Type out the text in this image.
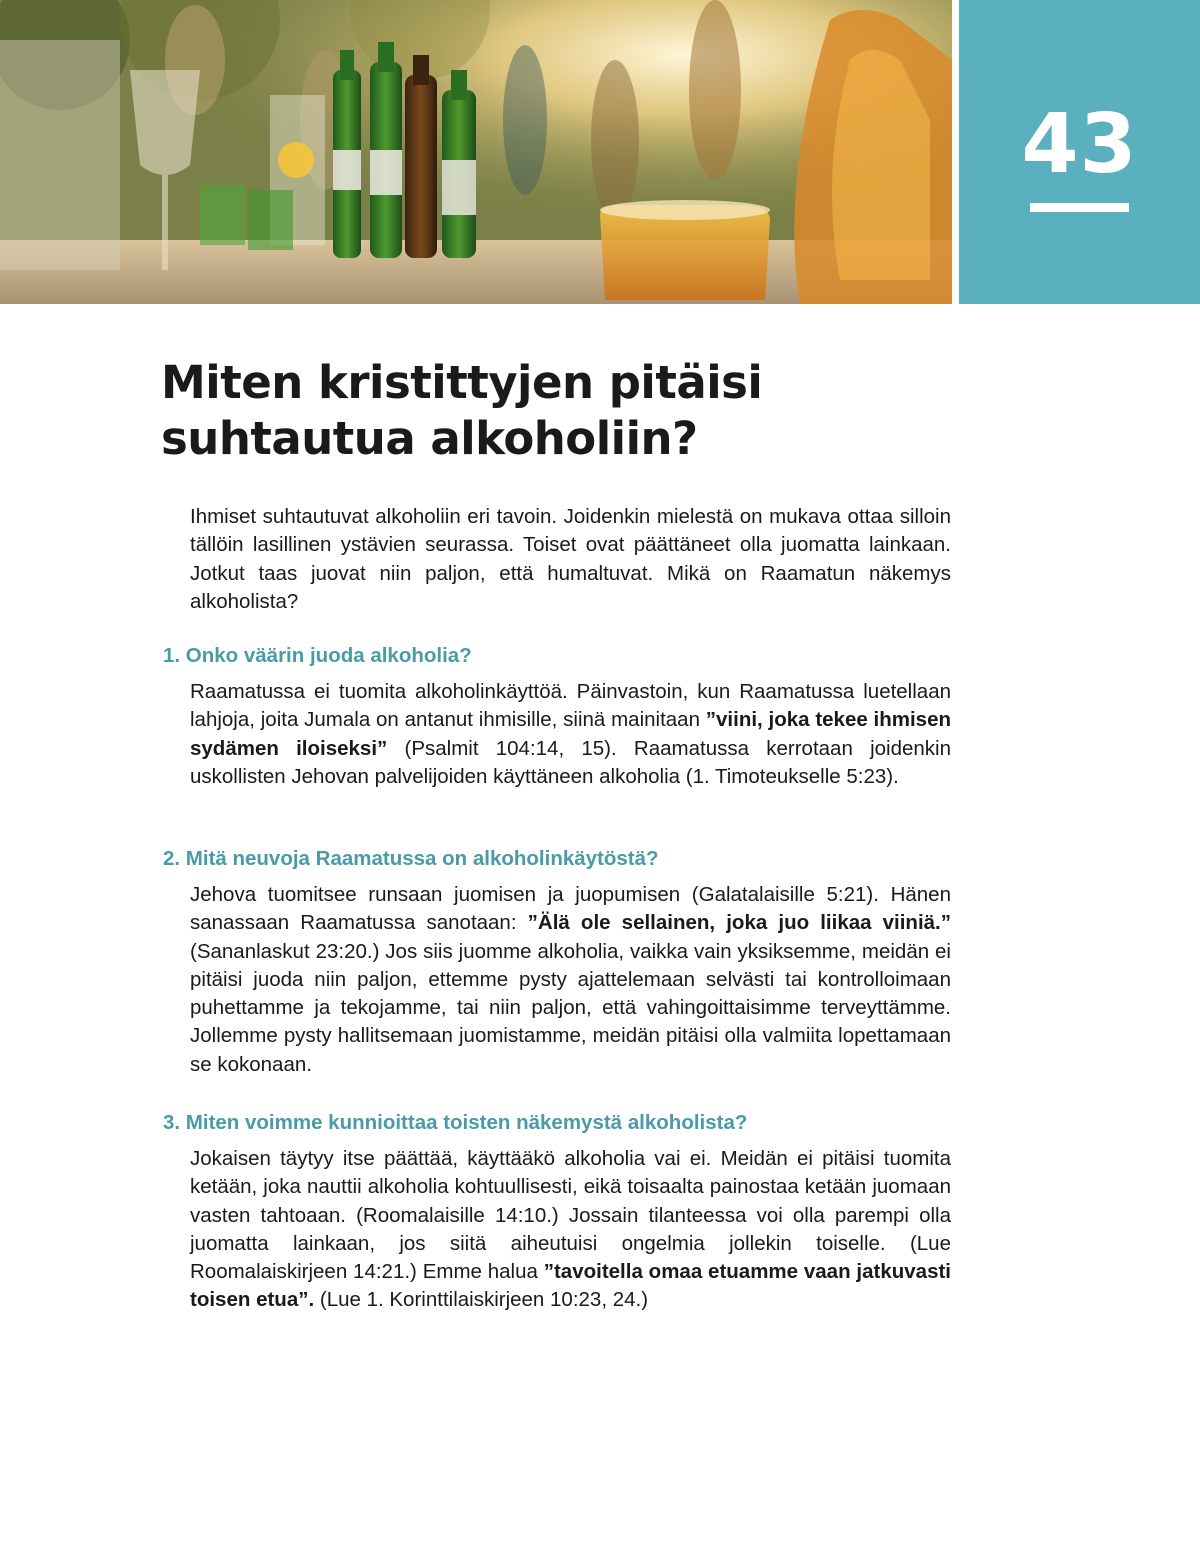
43
Miten kristittyjen pitäisi
suhtautua alkoholiin?

Ihmiset suhtautuvat alkoholiin eri tavoin. Joidenkin mielestä on mukava ottaa silloin tällöin lasillinen ystävien seurassa. Toiset ovat päättäneet olla juomatta lainkaan. Jotkut taas juovat niin paljon, että humaltuvat. Mikä on Raamatun näkemys alkoholista?

1. Onko väärin juoda alkoholia?

Raamatussa ei tuomita alkoholinkäyttöä. Päinvastoin, kun Raamatussa luetellaan lahjoja, joita Jumala on antanut ihmisille, siinä mainitaan ”viini, joka tekee ihmisen sydämen iloiseksi” (Psalmit 104:14, 15). Raamatussa kerrotaan joidenkin uskollisten Jehovan palvelijoiden käyttäneen alkoholia (1. Timoteukselle 5:23).

2. Mitä neuvoja Raamatussa on alkoholinkäytöstä?

Jehova tuomitsee runsaan juomisen ja juopumisen (Galatalaisille 5:21). Hänen sanassaan Raamatussa sanotaan: ”Älä ole sellainen, joka juo liikaa viiniä.” (Sananlaskut 23:20.) Jos siis juomme alkoholia, vaikka vain yksiksemme, meidän ei pitäisi juoda niin paljon, ettemme pysty ajattelemaan selvästi tai kontrolloimaan puhettamme ja tekojamme, tai niin paljon, että vahingoittaisimme terveyttämme. Jollemme pysty hallitsemaan juomistamme, meidän pitäisi olla valmiita lopettamaan se kokonaan.

3. Miten voimme kunnioittaa toisten näkemystä alkoholista?

Jokaisen täytyy itse päättää, käyttääkö alkoholia vai ei. Meidän ei pitäisi tuomita ketään, joka nauttii alkoholia kohtuullisesti, eikä toisaalta painostaa ketään juomaan vasten tahtoaan. (Roomalaisille 14:10.) Jossain tilanteessa voi olla parempi olla juomatta lainkaan, jos siitä aiheutuisi ongelmia jollekin toiselle. (Lue Roomalaiskirjeen 14:21.) Emme halua ”tavoitella omaa etuamme vaan jatkuvasti toisen etua”. (Lue 1. Korinttilaiskirjeen 10:23, 24.)
